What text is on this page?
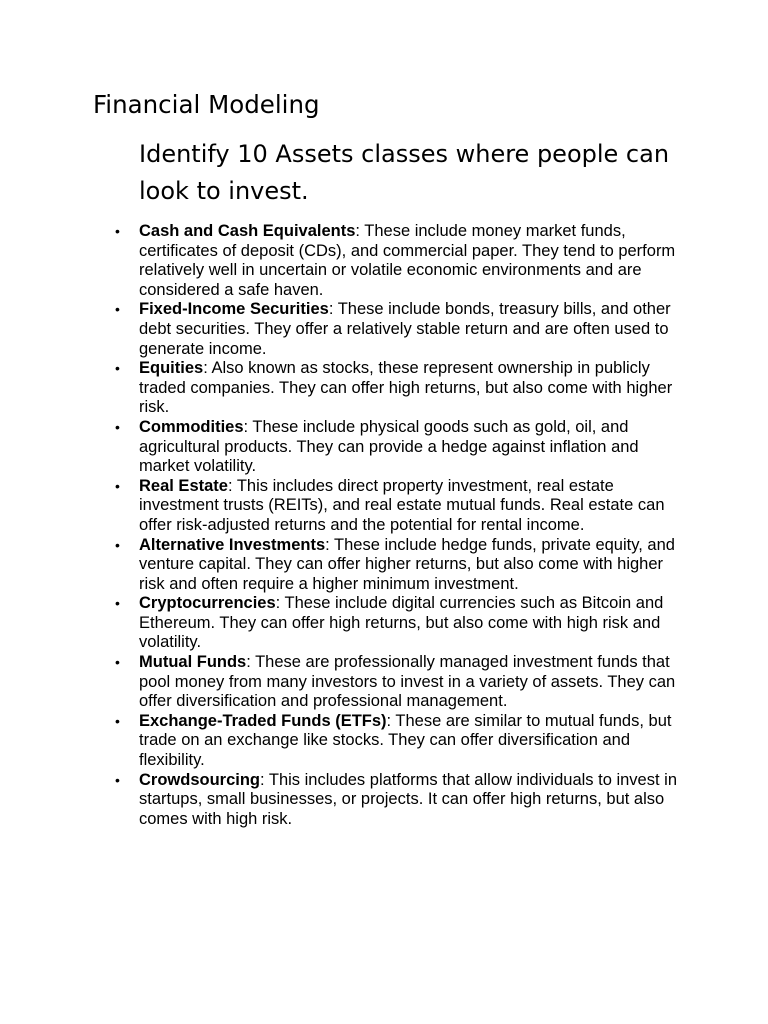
Financial Modeling
Identify 10 Assets classes where people can look to invest.
• Cash and Cash Equivalents: These include money market funds, certificates of deposit (CDs), and commercial paper. They tend to perform relatively well in uncertain or volatile economic environments and are considered a safe haven.
• Fixed-Income Securities: These include bonds, treasury bills, and other debt securities. They offer a relatively stable return and are often used to generate income.
• Equities: Also known as stocks, these represent ownership in publicly traded companies. They can offer high returns, but also come with higher risk.
• Commodities: These include physical goods such as gold, oil, and agricultural products. They can provide a hedge against inflation and market volatility.
• Real Estate: This includes direct property investment, real estate investment trusts (REITs), and real estate mutual funds. Real estate can offer risk-adjusted returns and the potential for rental income.
• Alternative Investments: These include hedge funds, private equity, and venture capital. They can offer higher returns, but also come with higher risk and often require a higher minimum investment.
• Cryptocurrencies: These include digital currencies such as Bitcoin and Ethereum. They can offer high returns, but also come with high risk and volatility.
• Mutual Funds: These are professionally managed investment funds that pool money from many investors to invest in a variety of assets. They can offer diversification and professional management.
• Exchange-Traded Funds (ETFs): These are similar to mutual funds, but trade on an exchange like stocks. They can offer diversification and flexibility.
• Crowdsourcing: This includes platforms that allow individuals to invest in startups, small businesses, or projects. It can offer high returns, but also comes with high risk.
